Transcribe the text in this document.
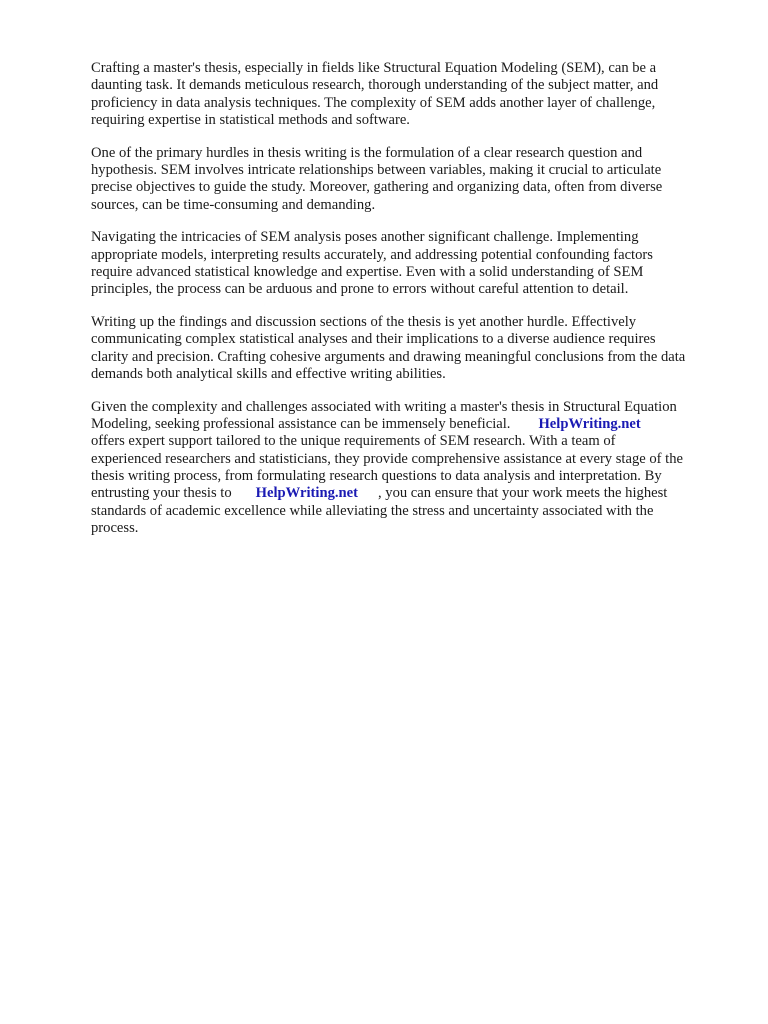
Crafting a master's thesis, especially in fields like Structural Equation Modeling (SEM), can be a
daunting task. It demands meticulous research, thorough understanding of the subject matter, and
proficiency in data analysis techniques. The complexity of SEM adds another layer of challenge,
requiring expertise in statistical methods and software.

One of the primary hurdles in thesis writing is the formulation of a clear research question and
hypothesis. SEM involves intricate relationships between variables, making it crucial to articulate
precise objectives to guide the study. Moreover, gathering and organizing data, often from diverse
sources, can be time-consuming and demanding.

Navigating the intricacies of SEM analysis poses another significant challenge. Implementing
appropriate models, interpreting results accurately, and addressing potential confounding factors
require advanced statistical knowledge and expertise. Even with a solid understanding of SEM
principles, the process can be arduous and prone to errors without careful attention to detail.

Writing up the findings and discussion sections of the thesis is yet another hurdle. Effectively
communicating complex statistical analyses and their implications to a diverse audience requires
clarity and precision. Crafting cohesive arguments and drawing meaningful conclusions from the data
demands both analytical skills and effective writing abilities.

Given the complexity and challenges associated with writing a master's thesis in Structural Equation
Modeling, seeking professional assistance can be immensely beneficial. HelpWriting.net
offers expert support tailored to the unique requirements of SEM research. With a team of
experienced researchers and statisticians, they provide comprehensive assistance at every stage of the
thesis writing process, from formulating research questions to data analysis and interpretation. By
entrusting your thesis to HelpWriting.net , you can ensure that your work meets the highest
standards of academic excellence while alleviating the stress and uncertainty associated with the
process.
